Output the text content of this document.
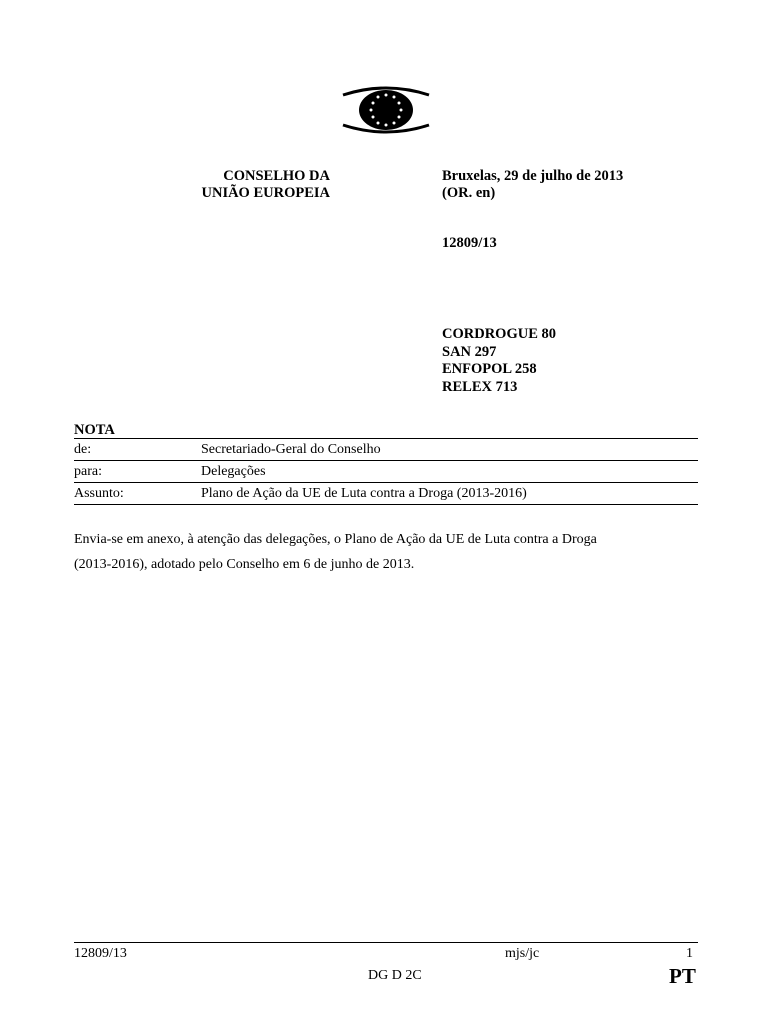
CONSELHO DA
UNIÃO EUROPEIA
Bruxelas, 29 de julho de 2013
(OR. en)
12809/13
CORDROGUE 80
SAN 297
ENFOPOL 258
RELEX 713
NOTA
de:	Secretariado-Geral do Conselho
para:	Delegações
Assunto:	Plano de Ação da UE de Luta contra a Droga (2013-2016)
Envia-se em anexo, à atenção das delegações, o Plano de Ação da UE de Luta contra a Droga
(2013-2016), adotado pelo Conselho em 6 de junho de 2013.
12809/13	mjs/jc	1
DG D 2C	PT
